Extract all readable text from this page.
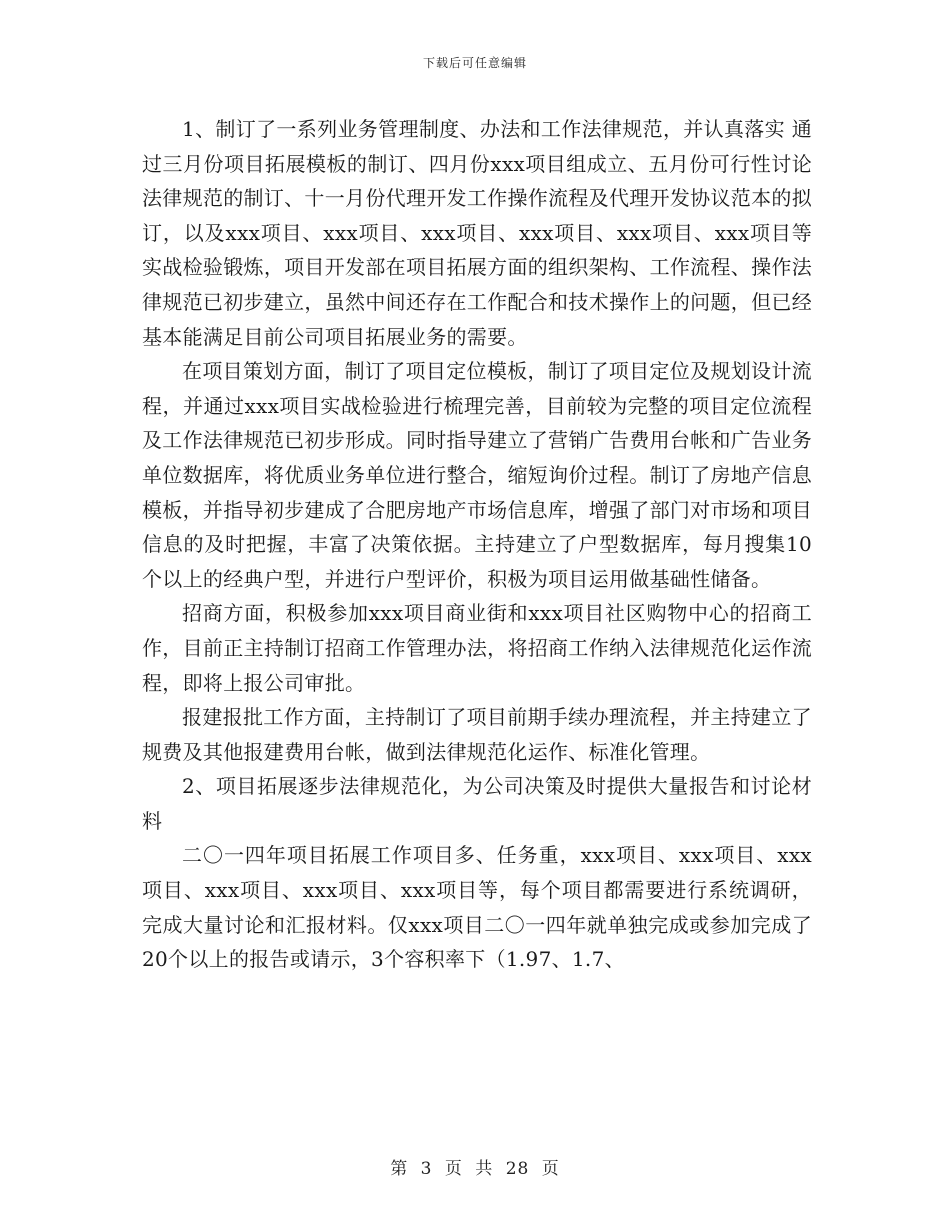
下载后可任意编辑

1、制订了一系列业务管理制度、办法和工作法律规范，并认真落实 通过三月份项目拓展模板的制订、四月份xxx项目组成立、五月份可行性讨论法律规范的制订、十一月份代理开发工作操作流程及代理开发协议范本的拟订，以及xxx项目、xxx项目、xxx项目、xxx项目、xxx项目、xxx项目等实战检验锻炼，项目开发部在项目拓展方面的组织架构、工作流程、操作法律规范已初步建立，虽然中间还存在工作配合和技术操作上的问题，但已经基本能满足目前公司项目拓展业务的需要。

在项目策划方面，制订了项目定位模板，制订了项目定位及规划设计流程，并通过xxx项目实战检验进行梳理完善，目前较为完整的项目定位流程及工作法律规范已初步形成。同时指导建立了营销广告费用台帐和广告业务单位数据库，将优质业务单位进行整合，缩短询价过程。制订了房地产信息模板，并指导初步建成了合肥房地产市场信息库，增强了部门对市场和项目信息的及时把握，丰富了决策依据。主持建立了户型数据库，每月搜集10个以上的经典户型，并进行户型评价，积极为项目运用做基础性储备。

招商方面，积极参加xxx项目商业街和xxx项目社区购物中心的招商工作，目前正主持制订招商工作管理办法，将招商工作纳入法律规范化运作流程，即将上报公司审批。

报建报批工作方面，主持制订了项目前期手续办理流程，并主持建立了规费及其他报建费用台帐，做到法律规范化运作、标准化管理。

2、项目拓展逐步法律规范化，为公司决策及时提供大量报告和讨论材料

二〇一四年项目拓展工作项目多、任务重，xxx项目、xxx项目、xxx项目、xxx项目、xxx项目、xxx项目等，每个项目都需要进行系统调研，完成大量讨论和汇报材料。仅xxx项目二〇一四年就单独完成或参加完成了20个以上的报告或请示，3个容积率下（1.97、1.7、

第 3 页 共 28 页
